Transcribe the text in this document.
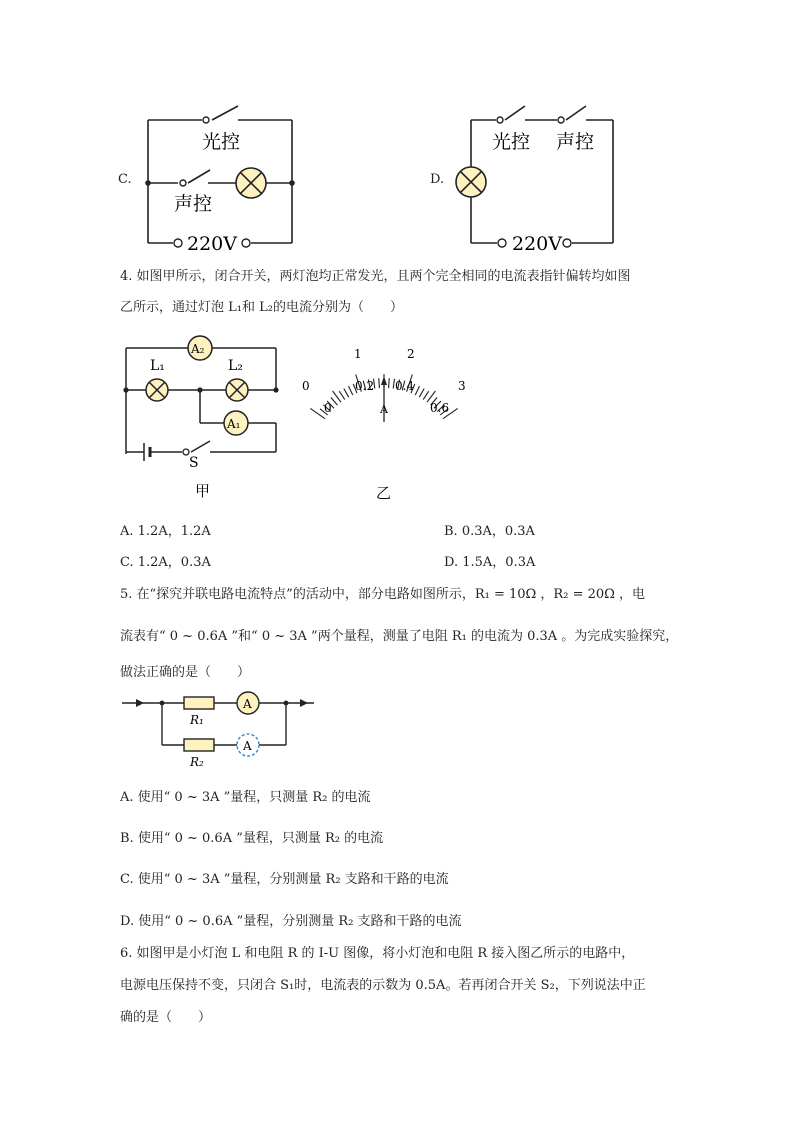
C.
光控
声控
220V
D.
光控 声控
220V
4. 如图甲所示，闭合开关，两灯泡均正常发光，且两个完全相同的电流表指针偏转均如图
乙所示，通过灯泡 L₁和 L₂的电流分别为（　　）
A₂
A₁
L₁	L₂
S
甲
0
1	2
3
0
0.2 0.4
0.6
A
乙
A. 1.2A，1.2A	B. 0.3A，0.3A
C. 1.2A，0.3A	D. 1.5A，0.3A
5. 在“探究并联电路电流特点”的活动中，部分电路如图所示，R₁ = 10Ω ，R₂ = 20Ω ，电
流表有“ 0 ~ 0.6A ”和“ 0 ~ 3A ”两个量程，测量了电阻 R₁ 的电流为 0.3A 。为完成实验探究，
做法正确的是（　　）
A
A
R₁
R₂
A. 使用“ 0 ~ 3A ”量程，只测量 R₂ 的电流
B. 使用“ 0 ~ 0.6A ”量程，只测量 R₂ 的电流
C. 使用“ 0 ~ 3A ”量程，分别测量 R₂ 支路和干路的电流
D. 使用“ 0 ~ 0.6A ”量程，分别测量 R₂ 支路和干路的电流
6. 如图甲是小灯泡 L 和电阻 R 的 I-U 图像，将小灯泡和电阻 R 接入图乙所示的电路中，
电源电压保持不变，只闭合 S₁时，电流表的示数为 0.5A。若再闭合开关 S₂，下列说法中正
确的是（　　）
